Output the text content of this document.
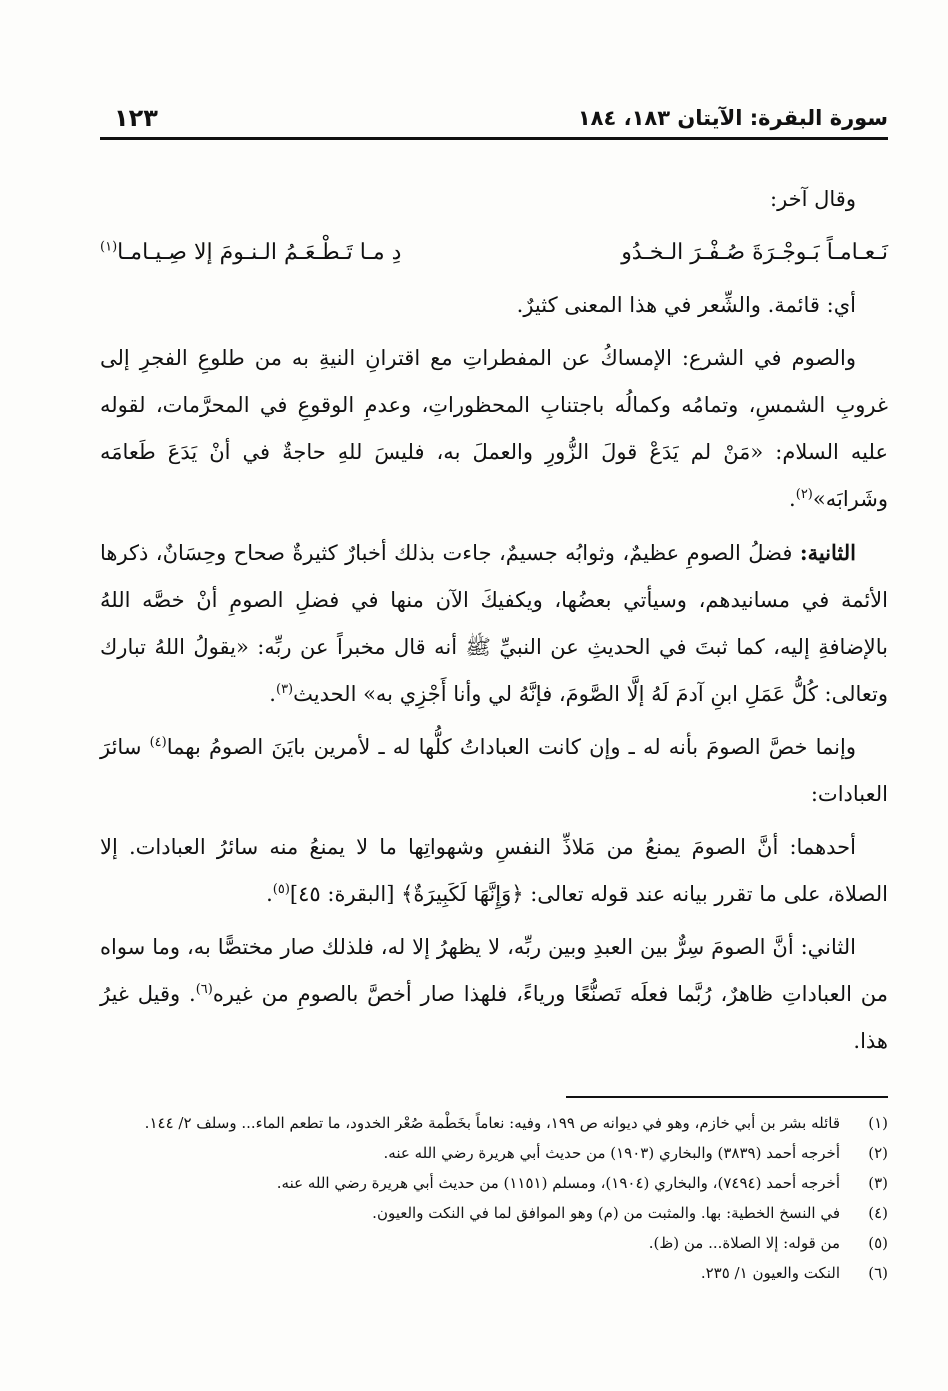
سورة البقرة: الآيتان ١٨٣، ١٨٤
١٢٣

وقال آخر:

نَـعـامـاً بَـوجْـرَةَ صُـفْـرَ الـخـدُو
دِ مـا تَـطْـعَـمُ الـنـومَ إلا صِـيـامـا$^{(١)}$

أي: قائمة. والشِّعر في هذا المعنى كثيرٌ.

والصوم في الشرع: الإمساكُ عن المفطراتِ مع اقترانِ النيةِ به من طلوعِ الفجرِ إلى غروبِ الشمسِ، وتمامُه وكمالُه باجتنابِ المحظوراتِ، وعدمِ الوقوعِ في المحرَّمات، لقوله عليه السلام: «مَنْ لم يَدَعْ قولَ الزُّورِ والعملَ به، فليسَ للهِ حاجةٌ في أنْ يَدَعَ طَعامَه وشَرابَه»$^{(٢)}$.

الثانية: فضلُ الصومِ عظيمٌ، وثوابُه جسيمٌ، جاءت بذلك أخبارٌ كثيرةٌ صحاح وحِسَانٌ، ذكرها الأئمة في مسانيدهم، وسيأتي بعضُها، ويكفيكَ الآن منها في فضلِ الصومِ أنْ خصَّه اللهُ بالإضافةِ إليه، كما ثبتَ في الحديثِ عن النبيِّ ﷺ أنه قال مخبراً عن ربِّه: «يقولُ اللهُ تبارك وتعالى: كُلُّ عَمَلِ ابنِ آدمَ لَهُ إلَّا الصَّومَ، فإنَّهُ لي وأنا أَجْزِي به» الحديث$^{(٣)}$.

وإنما خصَّ الصومَ بأنه له ـ وإن كانت العباداتُ كلُّها له ـ لأمرين بايَنَ الصومُ بهما$^{(٤)}$ سائرَ العبادات:

أحدهما: أنَّ الصومَ يمنعُ من مَلاذِّ النفسِ وشهواتِها ما لا يمنعُ منه سائرُ العبادات. إلا الصلاة، على ما تقرر بيانه عند قوله تعالى: ﴿وَإِنَّهَا لَكَبِيرَةٌ﴾ [البقرة: ٤٥]$^{(٥)}$.

الثاني: أنَّ الصومَ سِرٌّ بين العبدِ وبين ربِّه، لا يظهرُ إلا له، فلذلك صار مختصًّا به، وما سواه من العباداتِ ظاهرٌ، رُبَّما فعلَه تَصنُّعًا ورياءً، فلهذا صار أخصَّ بالصومِ من غيره$^{(٦)}$. وقيل غيرُ هذا.

(١)
قائله بشر بن أبي خازم، وهو في ديوانه ص ١٩٩، وفيه: نعاماً بخَطْمة صُعْر الخدود، ما تطعم الماء... وسلف ٢/ ١٤٤.
(٢)
أخرجه أحمد (٣٨٣٩) والبخاري (١٩٠٣) من حديث أبي هريرة رضي الله عنه.
(٣)
أخرجه أحمد (٧٤٩٤)، والبخاري (١٩٠٤)، ومسلم (١١٥١) من حديث أبي هريرة رضي الله عنه.
(٤)
في النسخ الخطية: بها. والمثبت من (م) وهو الموافق لما في النكت والعيون.
(٥)
من قوله: إلا الصلاة... من (ظ).
(٦)
النكت والعيون ١/ ٢٣٥.
